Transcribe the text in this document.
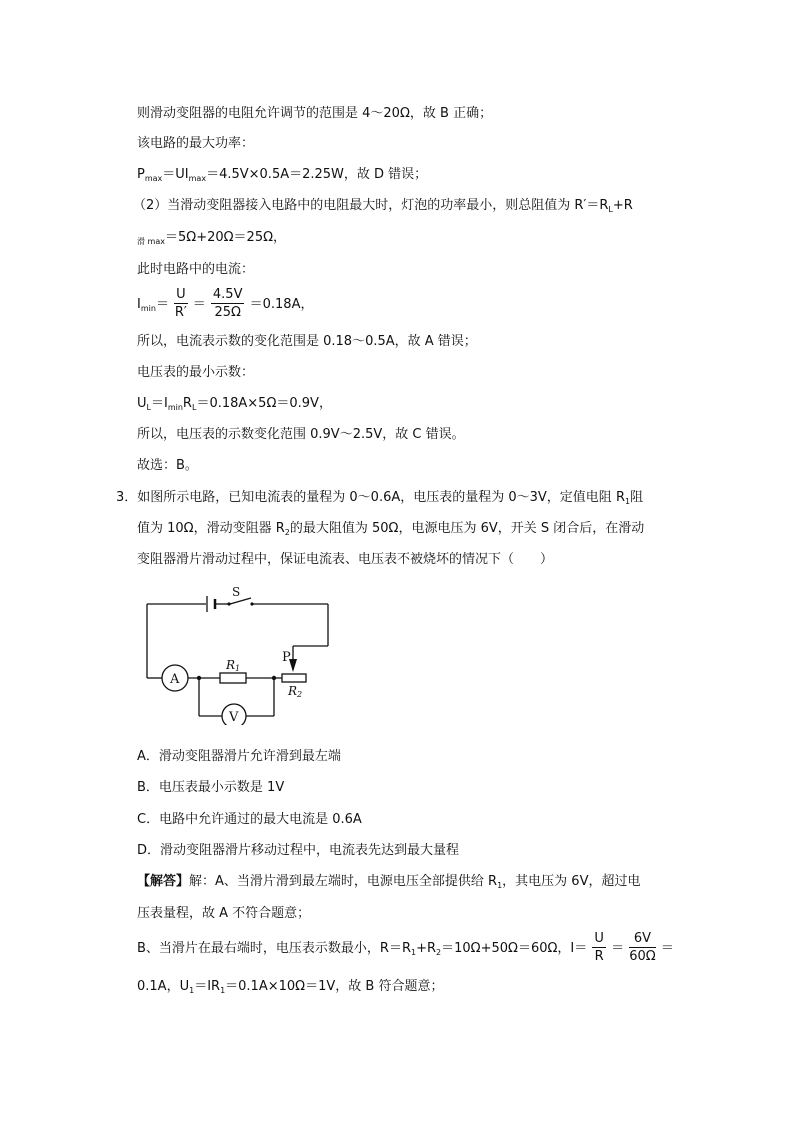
则滑动变阻器的电阻允许调节的范围是 4～20Ω，故 B 正确；
该电路的最大功率：
$P_{max}=UI_{max}=4.5V\times 0.5A=2.25W$，故 D 错误；
（2）当滑动变阻器接入电路中的电阻最大时，灯泡的功率最小，则总阻值为 $R'=R_L+R$
$_{滑 max}$＝5Ω+20Ω＝25Ω，
此时电路中的电流：
$I_{min}= \frac{U}{R'} = \frac{4.5V}{25\Omega} =0.18A$，
所以，电流表示数的变化范围是 0.18～0.5A，故 A 错误；
电压表的最小示数：
$U_L=I_{min}R_L=0.18A\times 5\Omega=0.9V$，
所以，电压表的示数变化范围 0.9V～2.5V，故 C 错误。
故选：B。
3．如图所示电路，已知电流表的量程为 0～0.6A，电压表的量程为 0～3V，定值电阻 $R_1$阻
值为 10Ω，滑动变阻器 $R_2$的最大阻值为 50Ω，电源电压为 6V，开关 S 闭合后，在滑动
变阻器滑片滑动过程中，保证电流表、电压表不被烧坏的情况下（　　）
S
A
R1
P
R2
V
A．滑动变阻器滑片允许滑到最左端
B．电压表最小示数是 1V
C．电路中允许通过的最大电流是 0.6A
D．滑动变阻器滑片移动过程中，电流表先达到最大量程
【解答】解：A、当滑片滑到最左端时，电源电压全部提供给 $R_1$，其电压为 6V，超过电
压表量程，故 A 不符合题意；
B、当滑片在最右端时，电压表示数最小，$R=R_1+R_2=10\Omega+50\Omega=60\Omega$，$I= \frac{U}{R} = \frac{6V}{60\Omega}$ ＝
0.1A，$U_1=IR_1=0.1A\times 10\Omega=1V$，故 B 符合题意；
